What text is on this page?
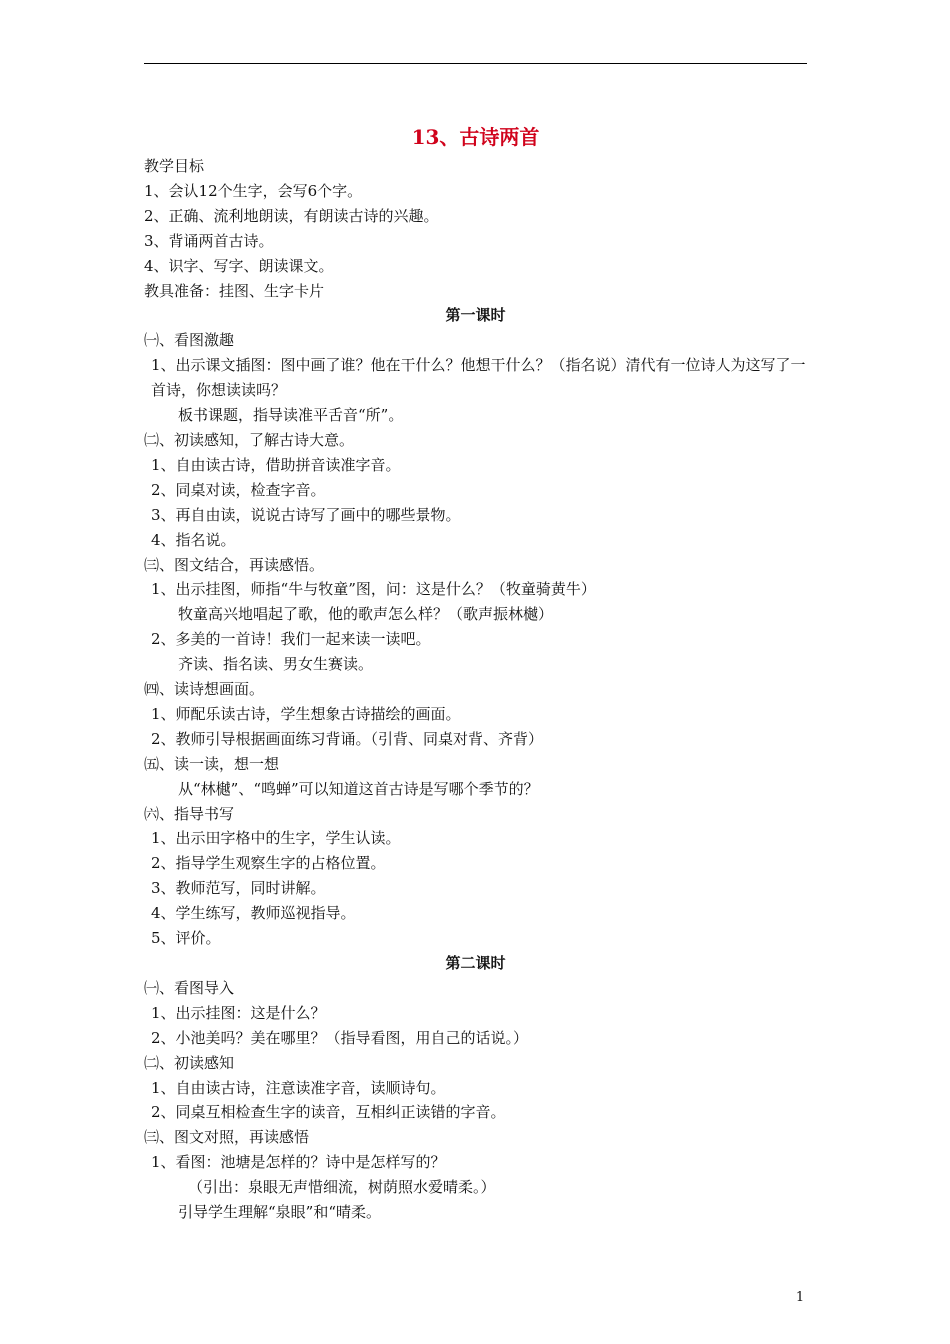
13、古诗两首
教学目标
1、会认12个生字，会写6个字。
2、正确、流利地朗读，有朗读古诗的兴趣。
3、背诵两首古诗。
4、识字、写字、朗读课文。
教具准备：挂图、生字卡片
第一课时
㈠、看图激趣
1、出示课文插图：图中画了谁？他在干什么？他想干什么？（指名说）清代有一位诗人为这写了一首诗，你想读读吗？
板书课题，指导读准平舌音“所”。
㈡、初读感知，了解古诗大意。
1、自由读古诗，借助拼音读准字音。
2、同桌对读，检查字音。
3、再自由读，说说古诗写了画中的哪些景物。
4、指名说。
㈢、图文结合，再读感悟。
1、出示挂图，师指“牛与牧童”图，问：这是什么？（牧童骑黄牛）
牧童高兴地唱起了歌，他的歌声怎么样？（歌声振林樾）
2、多美的一首诗！我们一起来读一读吧。
齐读、指名读、男女生赛读。
㈣、读诗想画面。
1、师配乐读古诗，学生想象古诗描绘的画面。
2、教师引导根据画面练习背诵。（引背、同桌对背、齐背）
㈤、读一读，想一想
从“林樾”、“鸣蝉”可以知道这首古诗是写哪个季节的？
㈥、指导书写
1、出示田字格中的生字，学生认读。
2、指导学生观察生字的占格位置。
3、教师范写，同时讲解。
4、学生练写，教师巡视指导。
5、评价。
第二课时
㈠、看图导入
1、出示挂图：这是什么？
2、小池美吗？美在哪里？（指导看图，用自己的话说。）
㈡、初读感知
1、自由读古诗，注意读准字音，读顺诗句。
2、同桌互相检查生字的读音，互相纠正读错的字音。
㈢、图文对照，再读感悟
1、看图：池塘是怎样的？诗中是怎样写的？
（引出：泉眼无声惜细流，树荫照水爱晴柔。）
引导学生理解“泉眼”和“晴柔。
1
